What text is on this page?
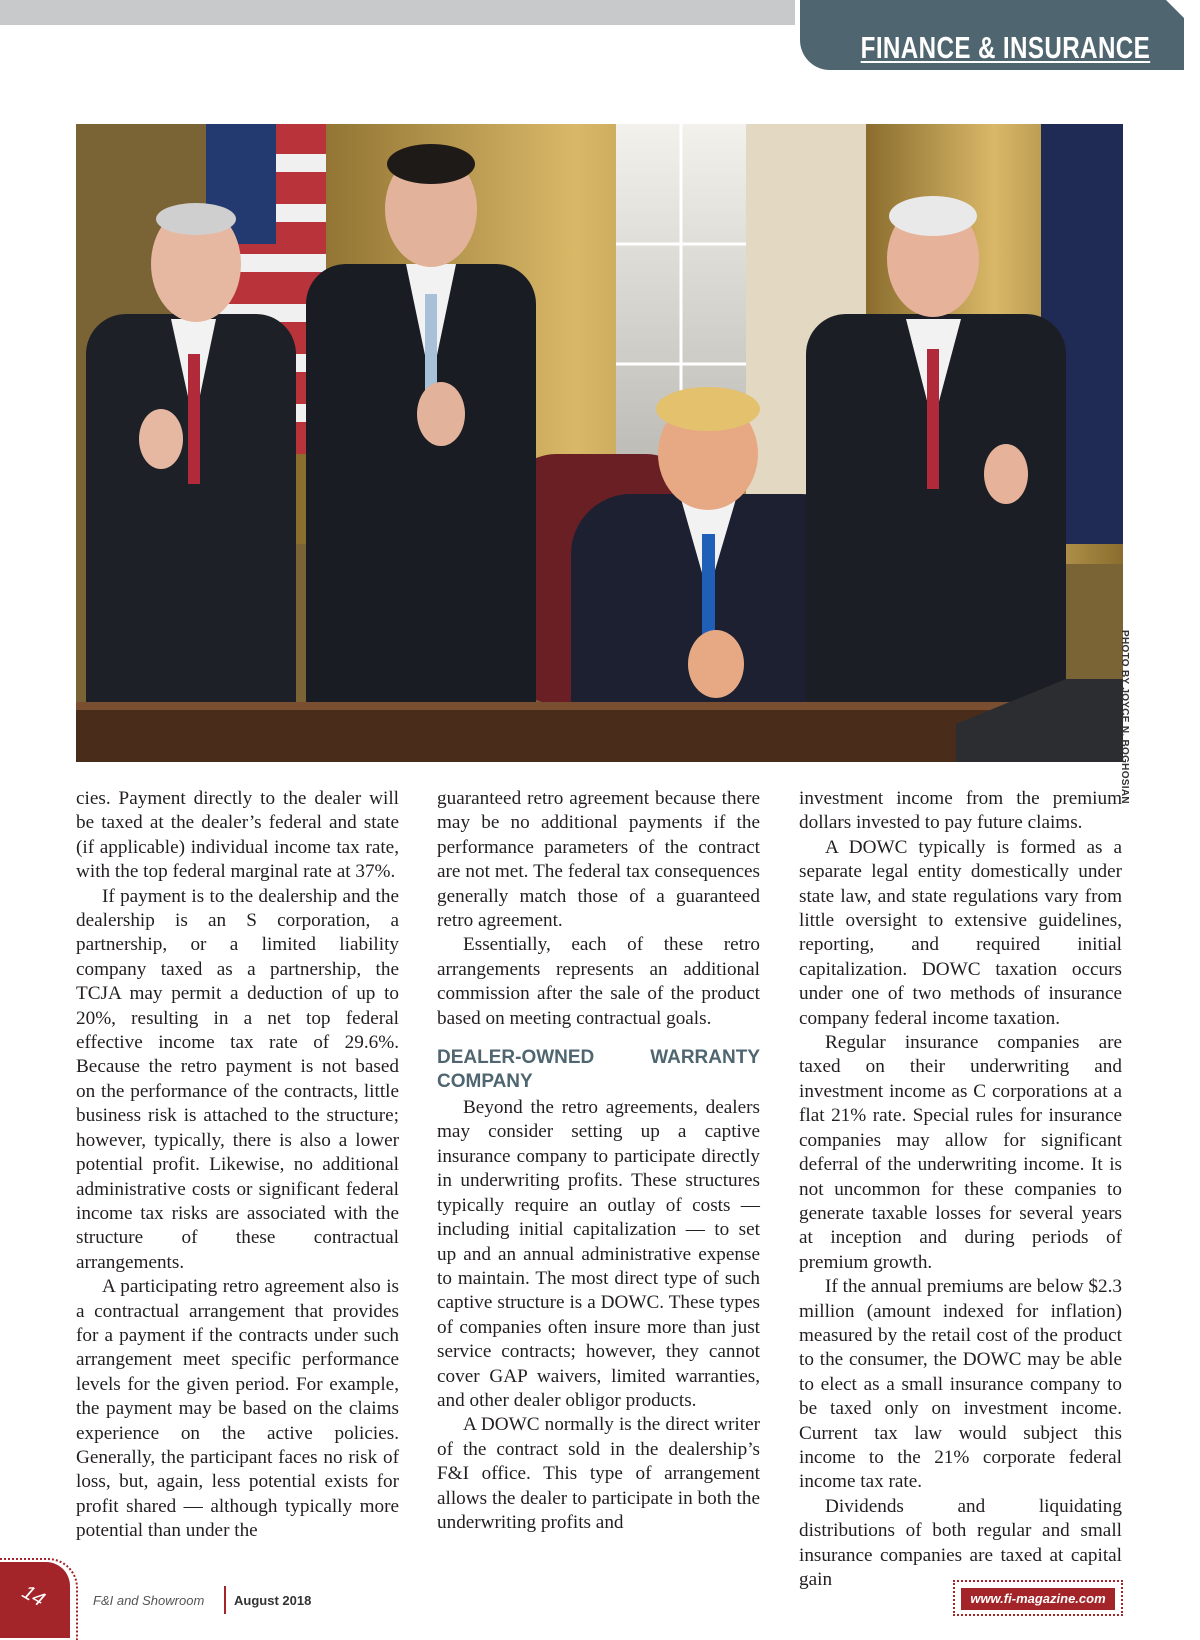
FINANCE & INSURANCE
PHOTO BY JOYCE N. BOGHOSIAN

cies. Payment directly to the dealer will be taxed at the dealer’s federal and state (if applicable) individual income tax rate, with the top federal marginal rate at 37%.

If payment is to the dealership and the dealership is an S corporation, a partnership, or a limited liability company taxed as a partnership, the TCJA may permit a deduction of up to 20%, resulting in a net top federal effective income tax rate of 29.6%. Because the retro payment is not based on the performance of the contracts, little business risk is attached to the structure; however, typically, there is also a lower potential profit. Likewise, no additional administrative costs or significant federal income tax risks are associated with the structure of these contractual arrangements.

A participating retro agreement also is a contractual arrangement that provides for a payment if the contracts under such arrangement meet specific performance levels for the given period. For example, the payment may be based on the claims experience on the active policies. Generally, the participant faces no risk of loss, but, again, less potential exists for profit shared — although typically more potential than under the

guaranteed retro agreement because there may be no additional payments if the performance parameters of the contract are not met. The federal tax consequences generally match those of a guaranteed retro agreement.

Essentially, each of these retro arrangements represents an additional commission after the sale of the product based on meeting contractual goals.

DEALER-OWNED WARRANTY COMPANY

Beyond the retro agreements, dealers may consider setting up a captive insurance company to participate directly in underwriting profits. These structures typically require an outlay of costs — including initial capitalization — to set up and an annual administrative expense to maintain. The most direct type of such captive structure is a DOWC. These types of companies often insure more than just service contracts; however, they cannot cover GAP waivers, limited warranties, and other dealer obligor products.

A DOWC normally is the direct writer of the contract sold in the dealership’s F&I office. This type of arrangement allows the dealer to participate in both the underwriting profits and

investment income from the premium dollars invested to pay future claims.

A DOWC typically is formed as a separate legal entity domestically under state law, and state regulations vary from little oversight to extensive guidelines, reporting, and required initial capitalization. DOWC taxation occurs under one of two methods of insurance company federal income taxation.

Regular insurance companies are taxed on their underwriting and investment income as C corporations at a flat 21% rate. Special rules for insurance companies may allow for significant deferral of the underwriting income. It is not uncommon for these companies to generate taxable losses for several years at inception and during periods of premium growth.

If the annual premiums are below $2.3 million (amount indexed for inflation) measured by the retail cost of the product to the consumer, the DOWC may be able to elect as a small insurance company to be taxed only on investment income. Current tax law would subject this income to the 21% corporate federal income tax rate.

Dividends and liquidating distributions of both regular and small insurance companies are taxed at capital gain

14	F&I and Showroom August 2018	www.fi-magazine.com
